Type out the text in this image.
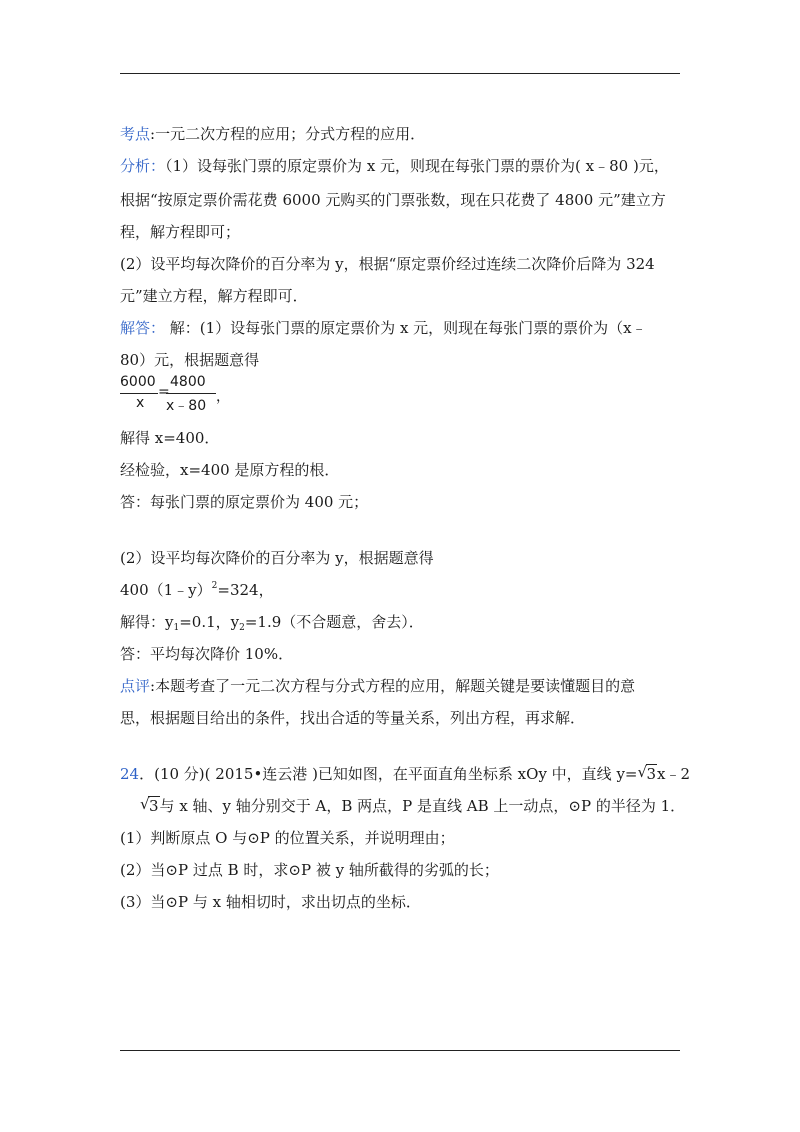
考点:一元二次方程的应用；分式方程的应用．
分析：（1）设每张门票的原定票价为 x 元，则现在每张门票的票价为( x﹣80 )元，
根据“按原定票价需花费 6000 元购买的门票张数，现在只花费了 4800 元”建立方
程，解方程即可；
(2）设平均每次降价的百分率为 y，根据“原定票价经过连续二次降价后降为 324
元”建立方程，解方程即可．
解答： 解：(1）设每张门票的原定票价为 x 元，则现在每张门票的票价为（x﹣
80）元，根据题意得
6000
x
=
4800
x﹣80
，
解得 x=400．
经检验，x=400 是原方程的根．
答：每张门票的原定票价为 400 元；
(2）设平均每次降价的百分率为 y，根据题意得
400（1﹣y）$^2$=324，
解得：$y_1=0.1$，$y_2=1.9$（不合题意，舍去）．
答：平均每次降价 10%．
点评:本题考查了一元二次方程与分式方程的应用，解题关键是要读懂题目的意
思，根据题目给出的条件，找出合适的等量关系，列出方程，再求解．
24．(10 分)( 2015•连云港 )已知如图，在平面直角坐标系 xOy 中，直线 y= √ 3x﹣2
√ 3与 x 轴、y 轴分别交于 A，B 两点，P 是直线 AB 上一动点，⊙P 的半径为 1．
(1）判断原点 O 与⊙P 的位置关系，并说明理由；
(2）当⊙P 过点 B 时，求⊙P 被 y 轴所截得的劣弧的长；
(3）当⊙P 与 x 轴相切时，求出切点的坐标．
